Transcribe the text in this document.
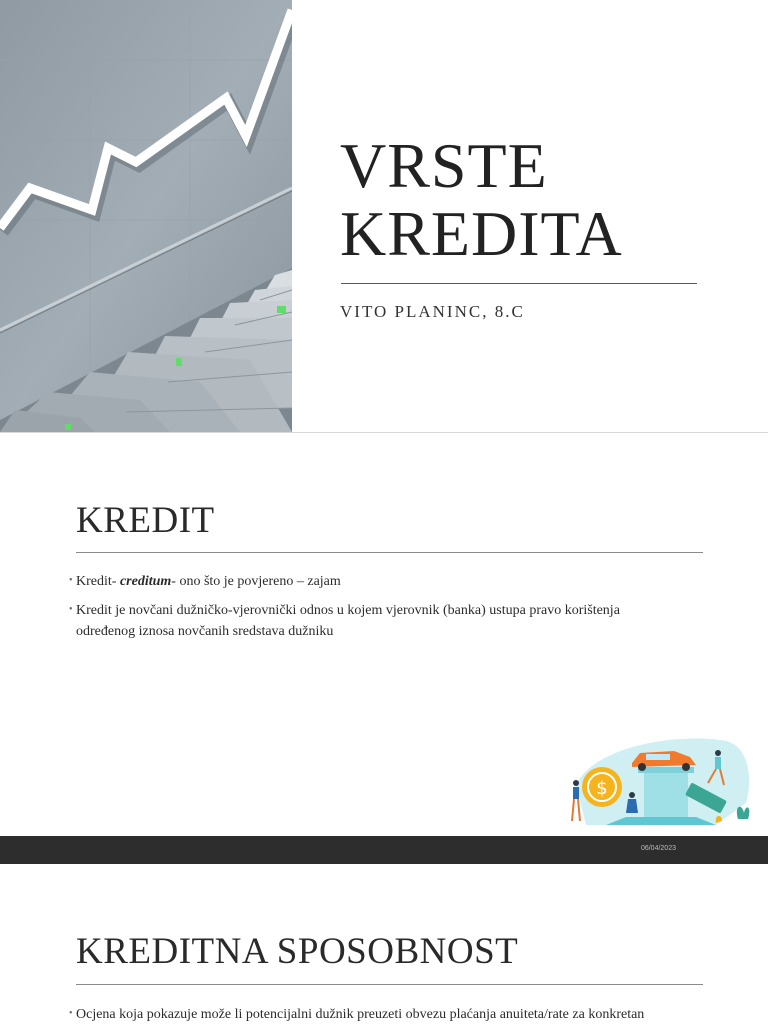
VRSTE
KREDITA

VITO PLANINC, 8.C

KREDIT
• Kredit- creditum- ono što je povjereno – zajam
• Kredit je novčani dužničko-vjerovnički odnos u kojem vjerovnik (banka) ustupa pravo korištenja
određenog iznosa novčanih sredstava dužniku
$
06/04/2023
KREDITNA SPOSOBNOST
• Ocjena koja pokazuje može li potencijalni dužnik preuzeti obvezu plaćanja anuiteta/rate za konkretan
